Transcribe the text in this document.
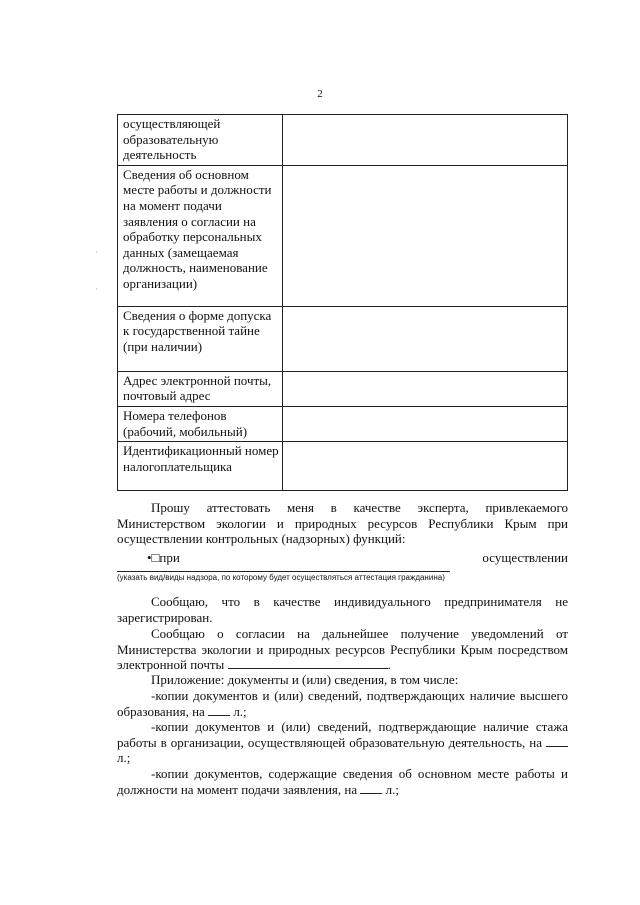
2
осуществляющей образовательную деятельность	
Сведения об основном месте работы и должности на момент подачи заявления о согласии на обработку персональных данных (замещаемая должность, наименование организации)	
Сведения о форме допуска к государственной тайне (при наличии)	
Адрес электронной почты, почтовый адрес	
Номера телефонов (рабочий, мобильный)	
Идентификационный номер налогоплательщика	
·
·
Прошу аттестовать меня в качестве эксперта, привлекаемого Министерством экологии и природных ресурсов Республики Крым при осуществлении контрольных (надзорных) функций:
•□при	осуществлении
(указать вид/виды надзора, по которому будет осуществляться аттестация гражданина)
Сообщаю, что в качестве индивидуального предпринимателя не зарегистрирован.
Сообщаю о согласии на дальнейшее получение уведомлений от Министерства экологии и природных ресурсов Республики Крым посредством электронной почты	.
Приложение: документы и (или) сведения, в том числе:
-копии документов и (или) сведений, подтверждающих наличие высшего образования, на л.;
-копии документов и (или) сведений, подтверждающие наличие стажа работы в организации, осуществляющей образовательную деятельность, на  л.;
-копии документов, содержащие сведения об основном месте работы и должности на момент подачи заявления, на л.;
